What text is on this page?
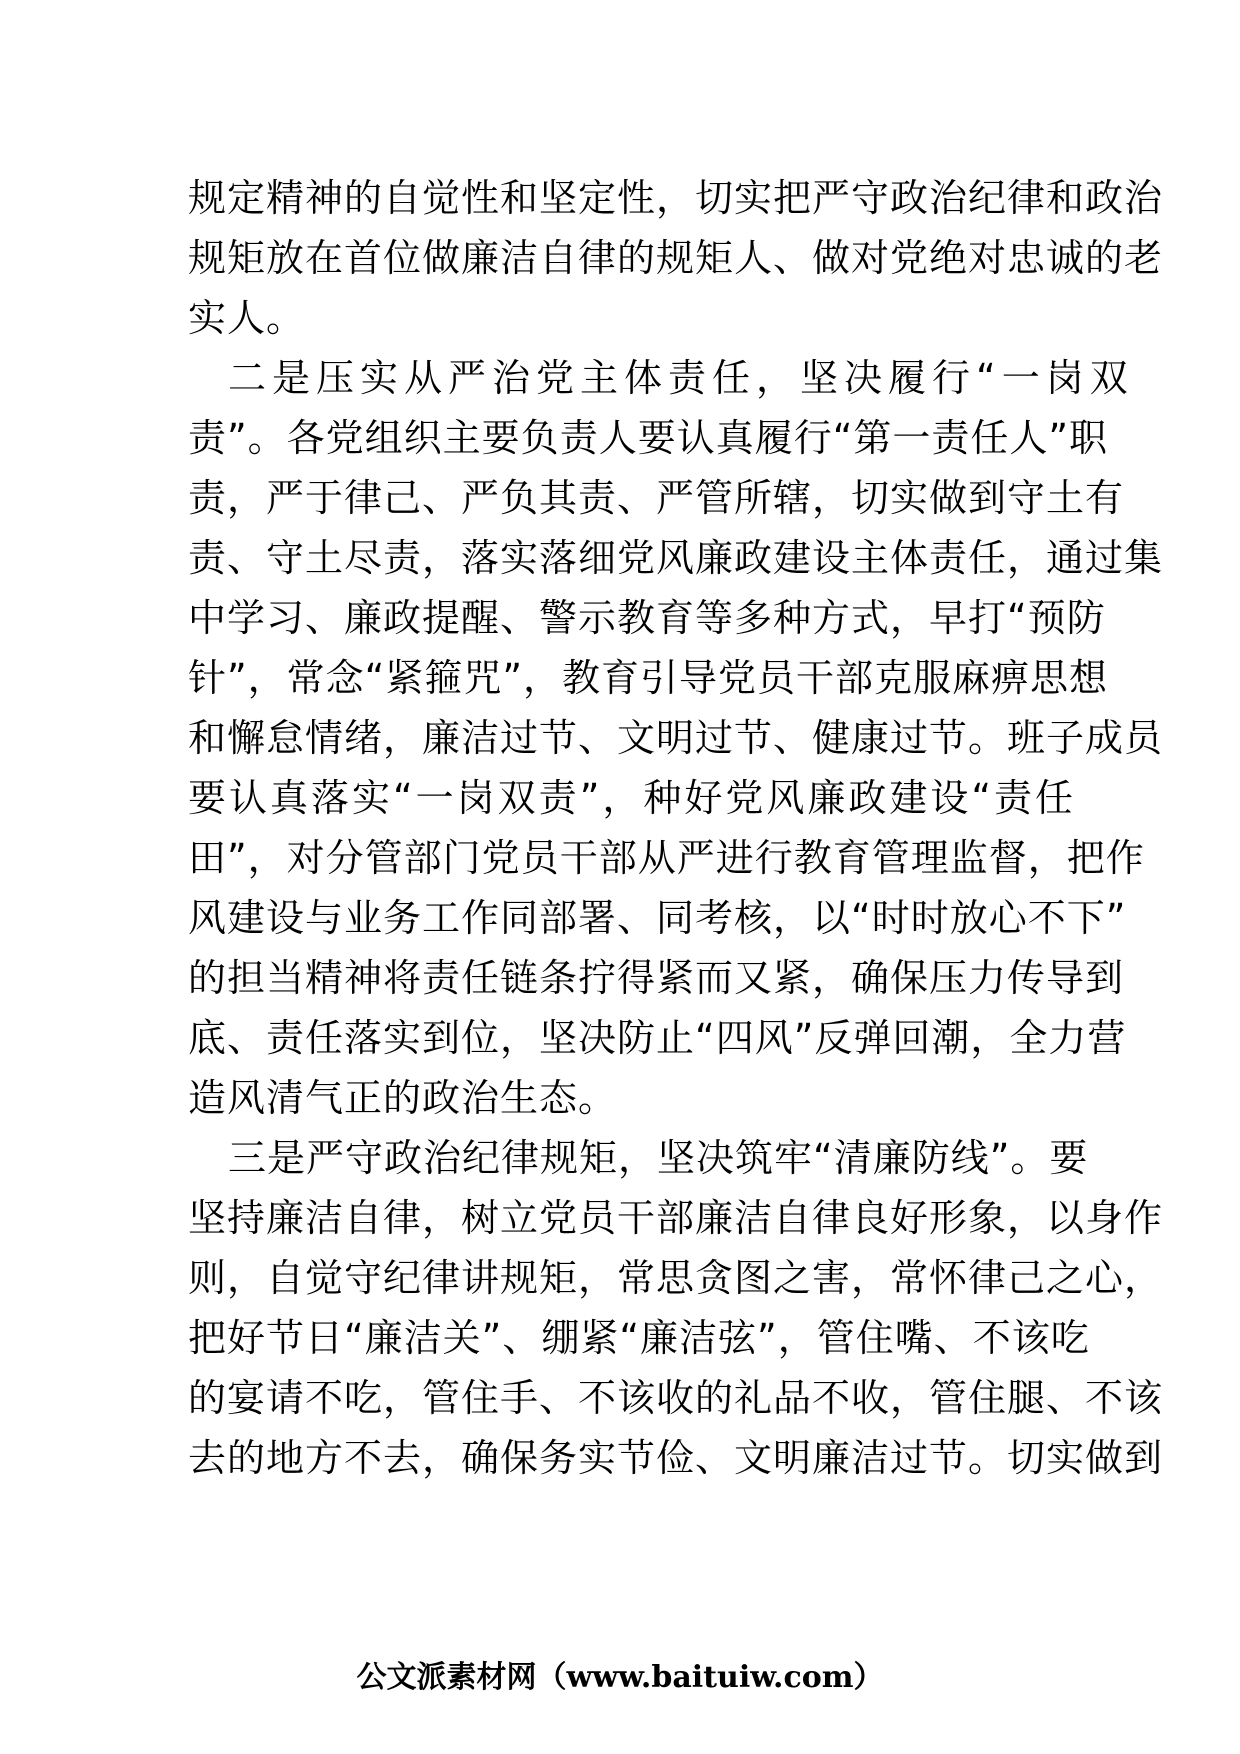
规定精神的自觉性和坚定性，切实把严守政治纪律和政治
规矩放在首位做廉洁自律的规矩人、做对党绝对忠诚的老
实人。
二是压实从严治党主体责任，坚决履行“一岗双
责”。各党组织主要负责人要认真履行“第一责任人”职
责，严于律己、严负其责、严管所辖，切实做到守土有
责、守土尽责，落实落细党风廉政建设主体责任，通过集
中学习、廉政提醒、警示教育等多种方式，早打“预防
针”，常念“紧箍咒”，教育引导党员干部克服麻痹思想
和懈怠情绪，廉洁过节、文明过节、健康过节。班子成员
要认真落实“一岗双责”，种好党风廉政建设“责任
田”，对分管部门党员干部从严进行教育管理监督，把作
风建设与业务工作同部署、同考核，以“时时放心不下”
的担当精神将责任链条拧得紧而又紧，确保压力传导到
底、责任落实到位，坚决防止“四风”反弹回潮，全力营
造风清气正的政治生态。
三是严守政治纪律规矩，坚决筑牢“清廉防线”。要
坚持廉洁自律，树立党员干部廉洁自律良好形象，以身作
则，自觉守纪律讲规矩，常思贪图之害，常怀律己之心，
把好节日“廉洁关”、绷紧“廉洁弦”，管住嘴、不该吃
的宴请不吃，管住手、不该收的礼品不收，管住腿、不该
去的地方不去，确保务实节俭、文明廉洁过节。切实做到
公文派素材网（www.baituiw.com）
